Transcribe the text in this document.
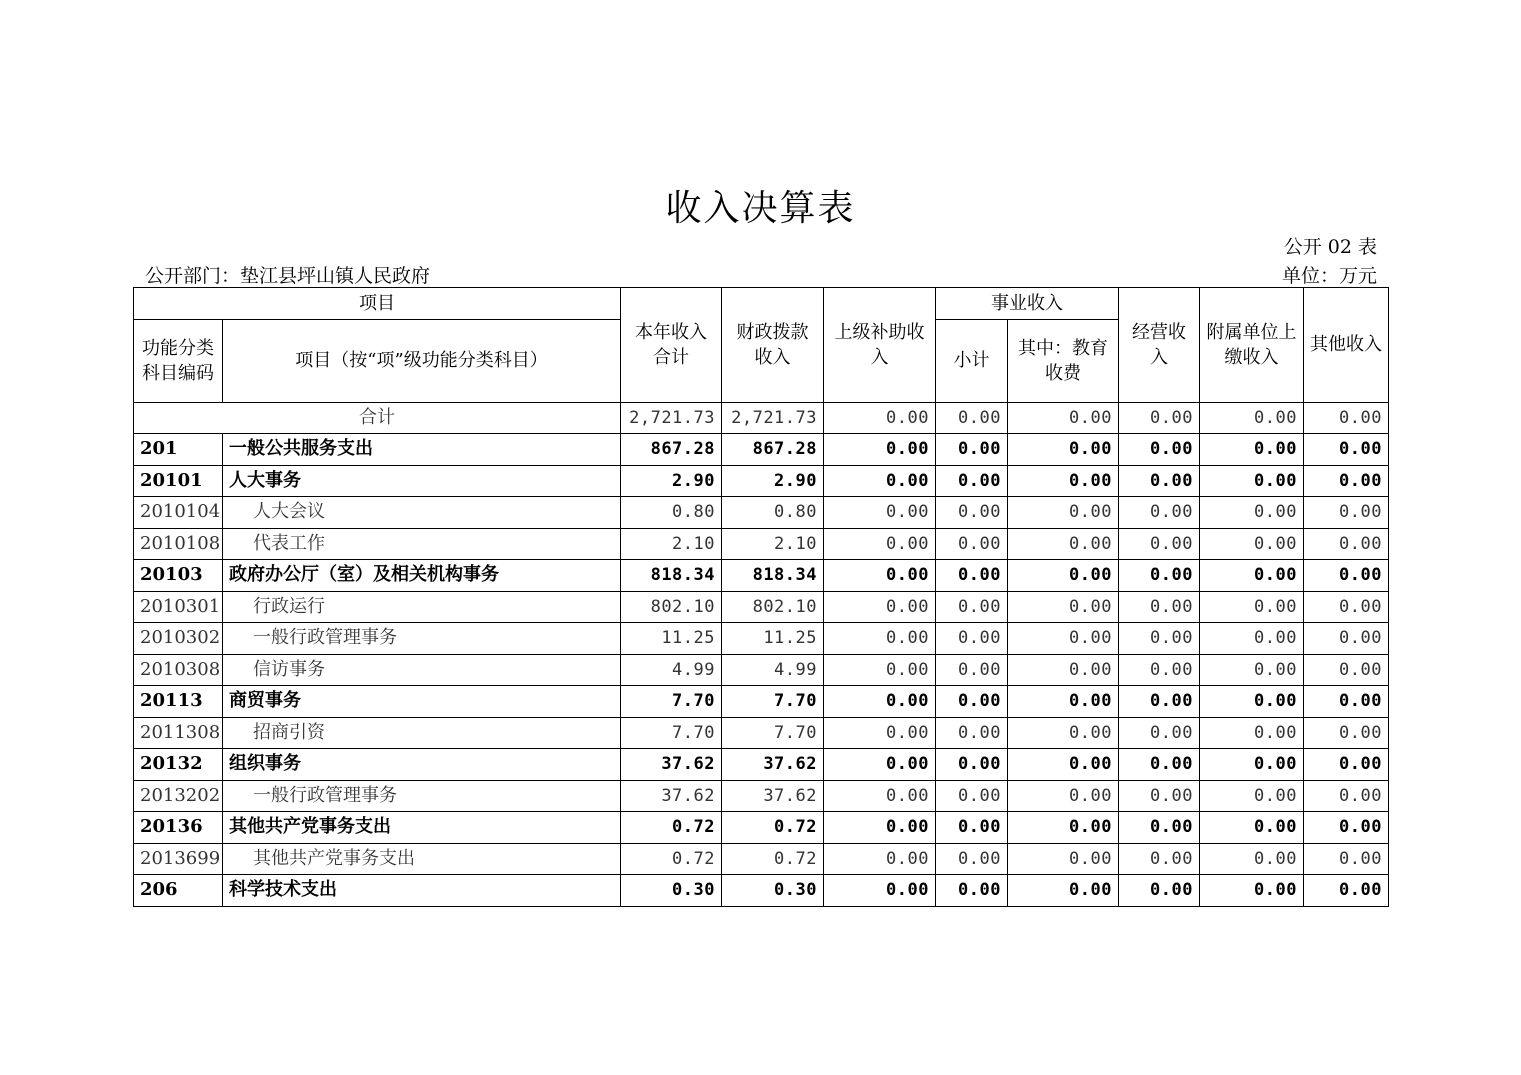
收入决算表
公开 02 表
公开部门：垫江县坪山镇人民政府	单位：万元
项目		本年收入合计	财政拨款收入	上级补助收入	事业收入		经营收入	附属单位上缴收入	其他收入
功能分类科目编码	项目（按“项”级功能分类科目）				小计	其中：教育收费			
合计		2,721.73	2,721.73	0.00	0.00	0.00	0.00	0.00	0.00
201	一般公共服务支出	867.28	867.28	0.00	0.00	0.00	0.00	0.00	0.00
20101	人大事务	2.90	2.90	0.00	0.00	0.00	0.00	0.00	0.00
2010104	人大会议	0.80	0.80	0.00	0.00	0.00	0.00	0.00	0.00
2010108	代表工作	2.10	2.10	0.00	0.00	0.00	0.00	0.00	0.00
20103	政府办公厅（室）及相关机构事务	818.34	818.34	0.00	0.00	0.00	0.00	0.00	0.00
2010301	行政运行	802.10	802.10	0.00	0.00	0.00	0.00	0.00	0.00
2010302	一般行政管理事务	11.25	11.25	0.00	0.00	0.00	0.00	0.00	0.00
2010308	信访事务	4.99	4.99	0.00	0.00	0.00	0.00	0.00	0.00
20113	商贸事务	7.70	7.70	0.00	0.00	0.00	0.00	0.00	0.00
2011308	招商引资	7.70	7.70	0.00	0.00	0.00	0.00	0.00	0.00
20132	组织事务	37.62	37.62	0.00	0.00	0.00	0.00	0.00	0.00
2013202	一般行政管理事务	37.62	37.62	0.00	0.00	0.00	0.00	0.00	0.00
20136	其他共产党事务支出	0.72	0.72	0.00	0.00	0.00	0.00	0.00	0.00
2013699	其他共产党事务支出	0.72	0.72	0.00	0.00	0.00	0.00	0.00	0.00
206	科学技术支出	0.30	0.30	0.00	0.00	0.00	0.00	0.00	0.00
